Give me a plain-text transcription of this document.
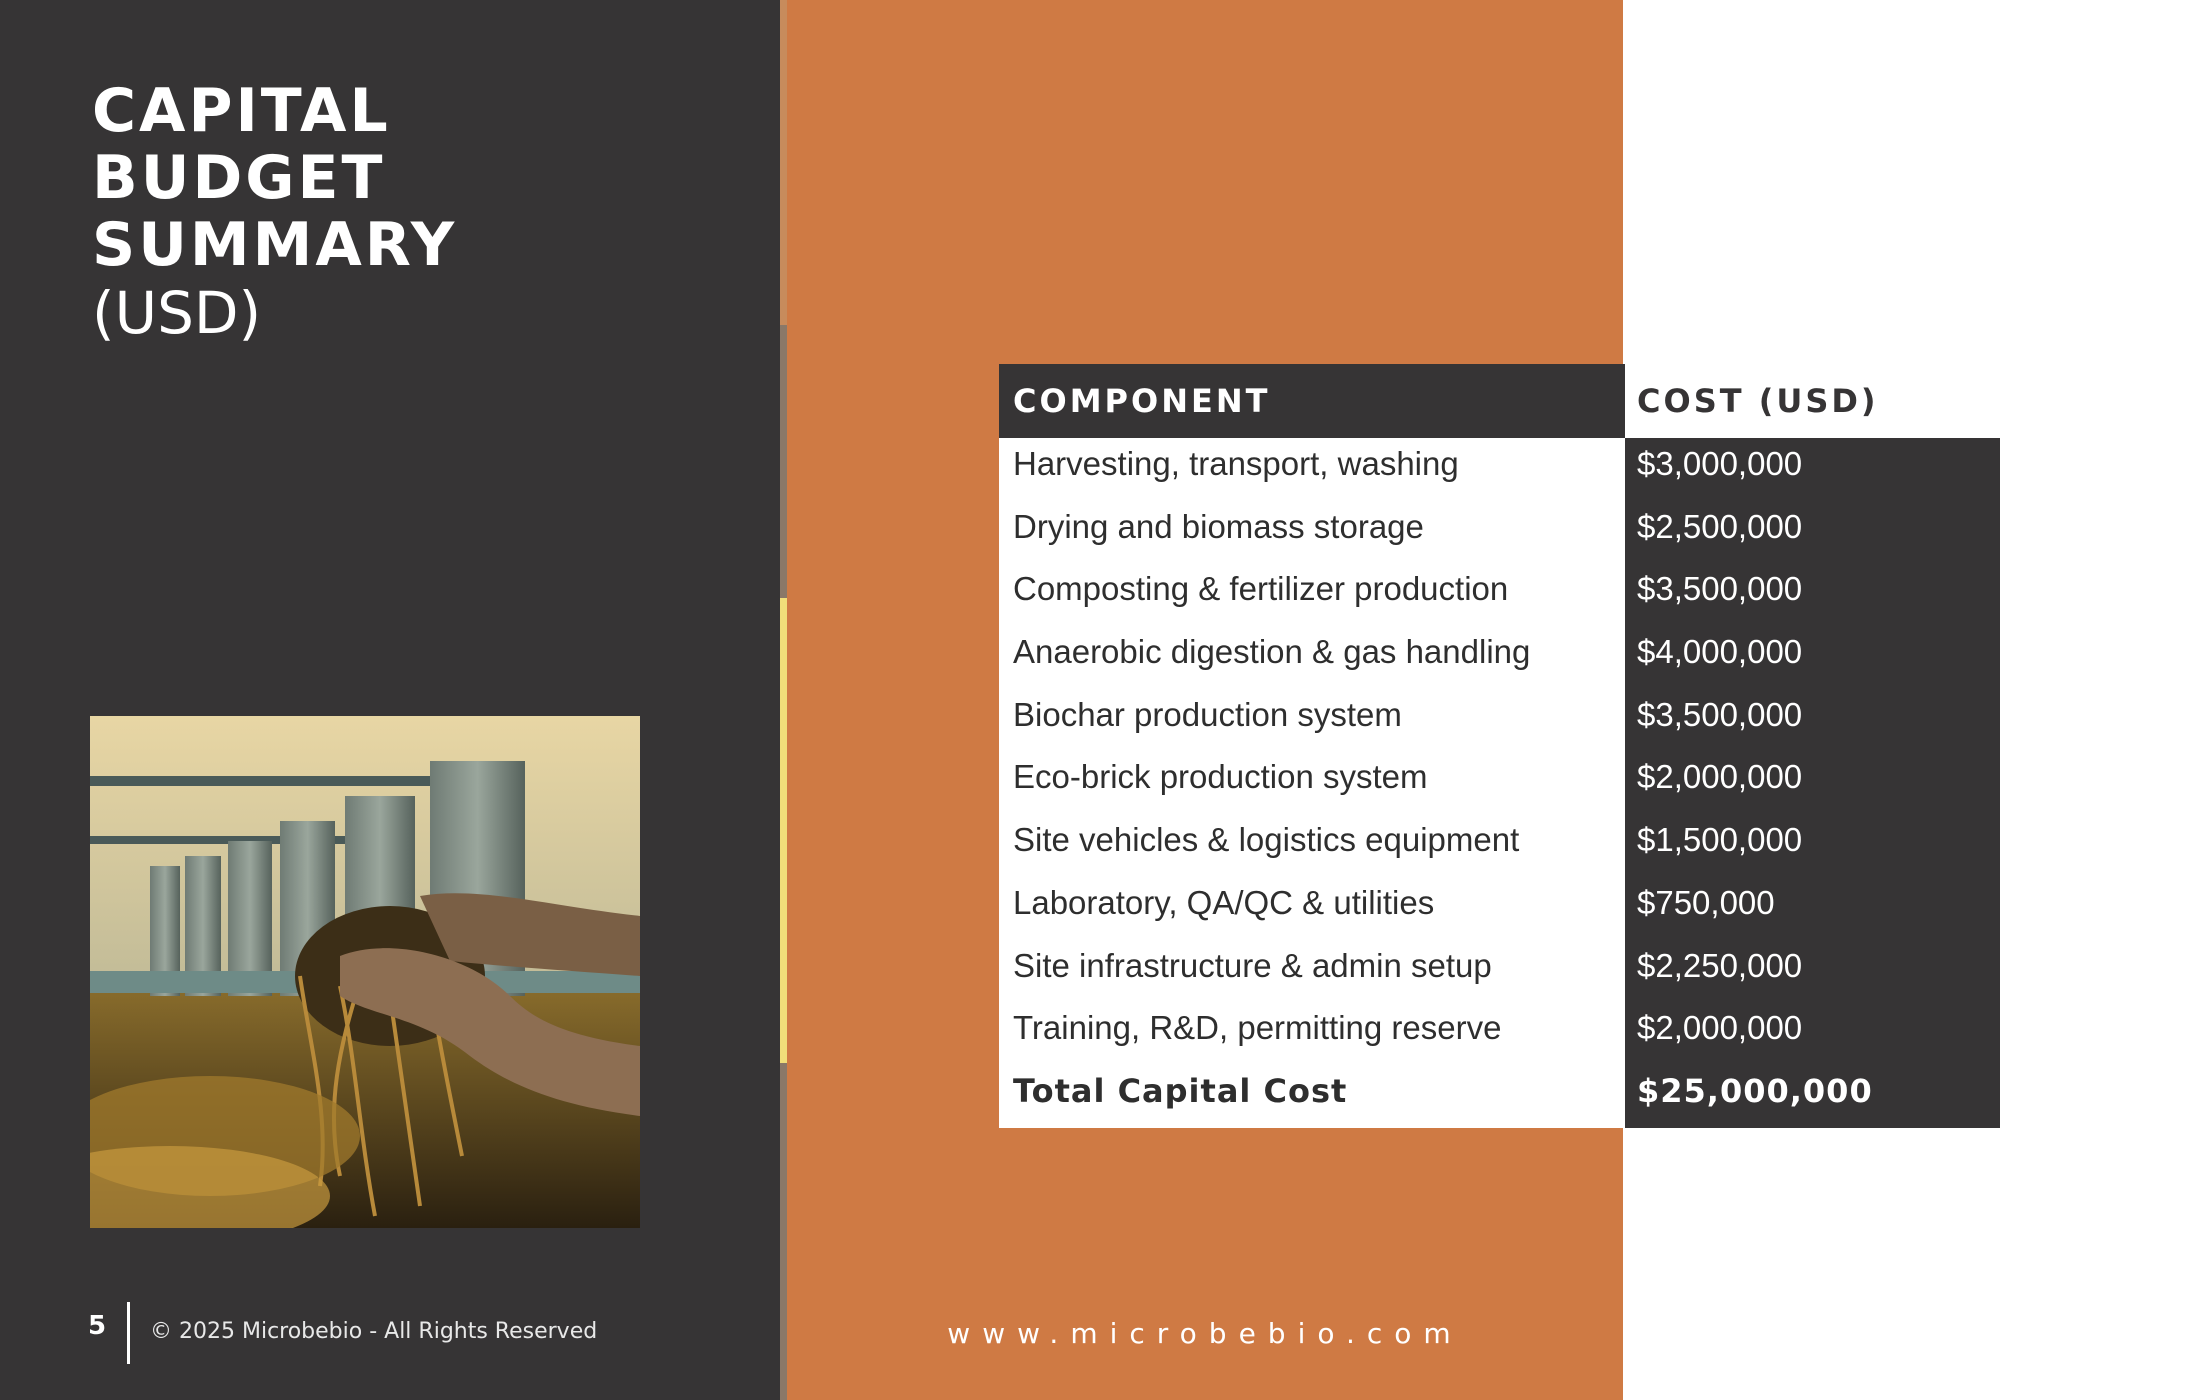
CAPITAL
BUDGET
SUMMARY
(USD)
5 © 2025 Microbebio - All Rights Reserved	www.microbebio.com
COMPONENT	COST (USD)
Harvesting, transport, washing	$3,000,000
Drying and biomass storage	$2,500,000
Composting & fertilizer production	$3,500,000
Anaerobic digestion & gas handling	$4,000,000
Biochar production system	$3,500,000
Eco-brick production system	$2,000,000
Site vehicles & logistics equipment	$1,500,000
Laboratory, QA/QC & utilities	$750,000
Site infrastructure & admin setup	$2,250,000
Training, R&D, permitting reserve	$2,000,000
Total Capital Cost	$25,000,000
